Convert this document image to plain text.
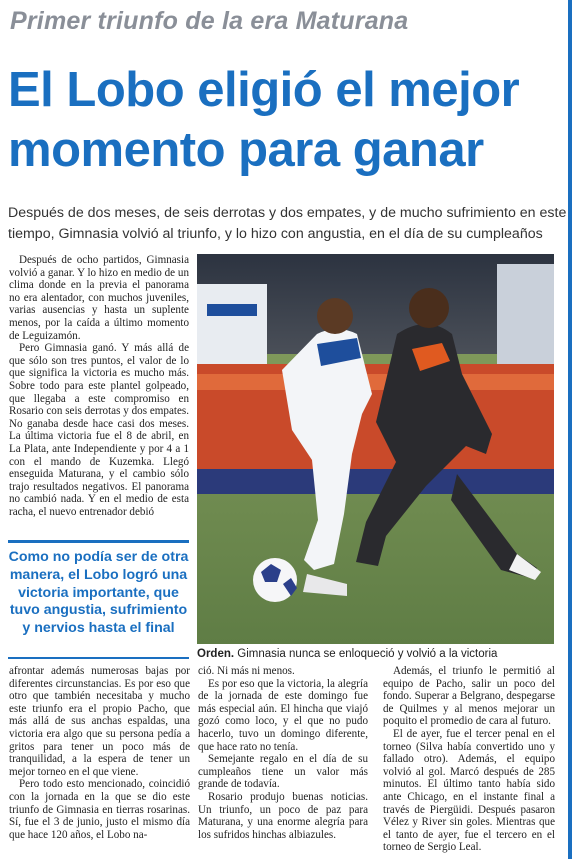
Primer triunfo de la era Maturana
El Lobo eligió el mejor
momento para ganar
Después de dos meses, de seis derrotas y dos empates, y de mucho sufrimiento en este tiempo, Gimnasia volvió al triunfo, y lo hizo con angustia, en el día de su cumpleaños

Después de ocho partidos, Gimnasia volvió a ganar. Y lo hizo en medio de un clima donde en la previa el panorama no era alentador, con muchos juveniles, varias ausencias y hasta un suplente menos, por la caída a último momento de Leguizamón.

Pero Gimnasia ganó. Y más allá de que sólo son tres puntos, el valor de lo que significa la victoria es mucho más. Sobre todo para este plantel golpeado, que llegaba a este compromiso en Rosario con seis derrotas y dos empates. No ganaba desde hace casi dos meses. La última victoria fue el 8 de abril, en La Plata, ante Independiente y por 4 a 1 con el mando de Kuzemka. Llegó enseguida Maturana, y el cambio sólo trajo resultados negativos. El panorama no cambió nada. Y en el medio de esta racha, el nuevo entrenador debió

Como no podía ser de otra manera, el Lobo logró una victoria importante, que tuvo angustia, sufrimiento y nervios hasta el final
Orden. Gimnasia nunca se enloqueció y volvió a la victoria

afrontar además numerosas bajas por diferentes circunstancias. Es por eso que otro que también necesitaba y mucho este triunfo era el propio Pacho, que más allá de sus anchas espaldas, una victoria era algo que su persona pedía a gritos para tener un poco más de tranquilidad, a la espera de tener un mejor torneo en el que viene.

Pero todo esto mencionado, coincidió con la jornada en la que se dio este triunfo de Gimnasia en tierras rosarinas. Sí, fue el 3 de junio, justo el mismo día que hace 120 años, el Lobo na-

ció. Ni más ni menos.

Es por eso que la victoria, la alegría de la jornada de este domingo fue más especial aún. El hincha que viajó gozó como loco, y el que no pudo hacerlo, tuvo un domingo diferente, que hace rato no tenía.

Semejante regalo en el día de su cumpleaños tiene un valor más grande de todavía.

Rosario produjo buenas noticias. Un triunfo, un poco de paz para Maturana, y una enorme alegría para los sufridos hinchas albiazules.

Además, el triunfo le permitió al equipo de Pacho, salir un poco del fondo. Superar a Belgrano, despegarse de Quilmes y al menos mejorar un poquito el promedio de cara al futuro.

El de ayer, fue el tercer penal en el torneo (Silva había convertido uno y fallado otro). Además, el equipo volvió al gol. Marcó después de 285 minutos. El último tanto había sido ante Chicago, en el instante final a través de Piergüidi. Después pasaron Vélez y River sin goles. Mientras que el tanto de ayer, fue el tercero en el torneo de Sergio Leal.
